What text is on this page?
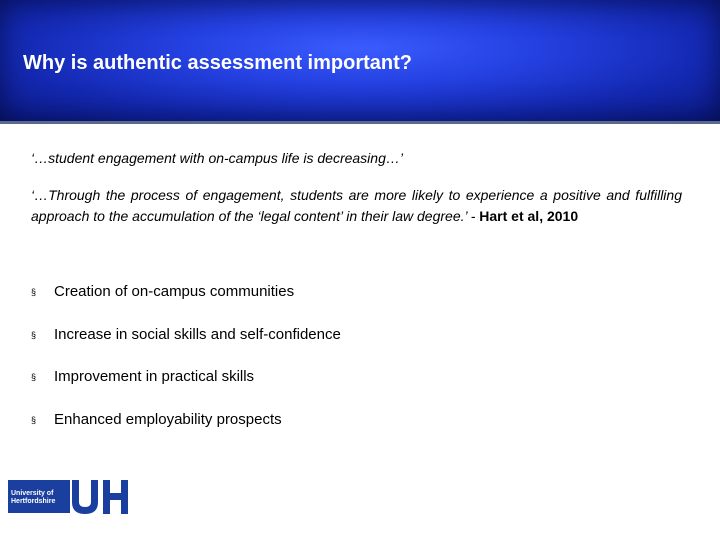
Why is authentic assessment important?

‘…student engagement with on-campus life is decreasing…’

‘…Through the process of engagement, students are more likely to experience a positive and fulfilling approach to the accumulation of the ‘legal content’ in their law degree.’ - Hart et al, 2010

§ Creation of on-campus communities
§ Increase in social skills and self-confidence
§ Improvement in practical skills
§ Enhanced employability prospects
University of
Hertfordshire
